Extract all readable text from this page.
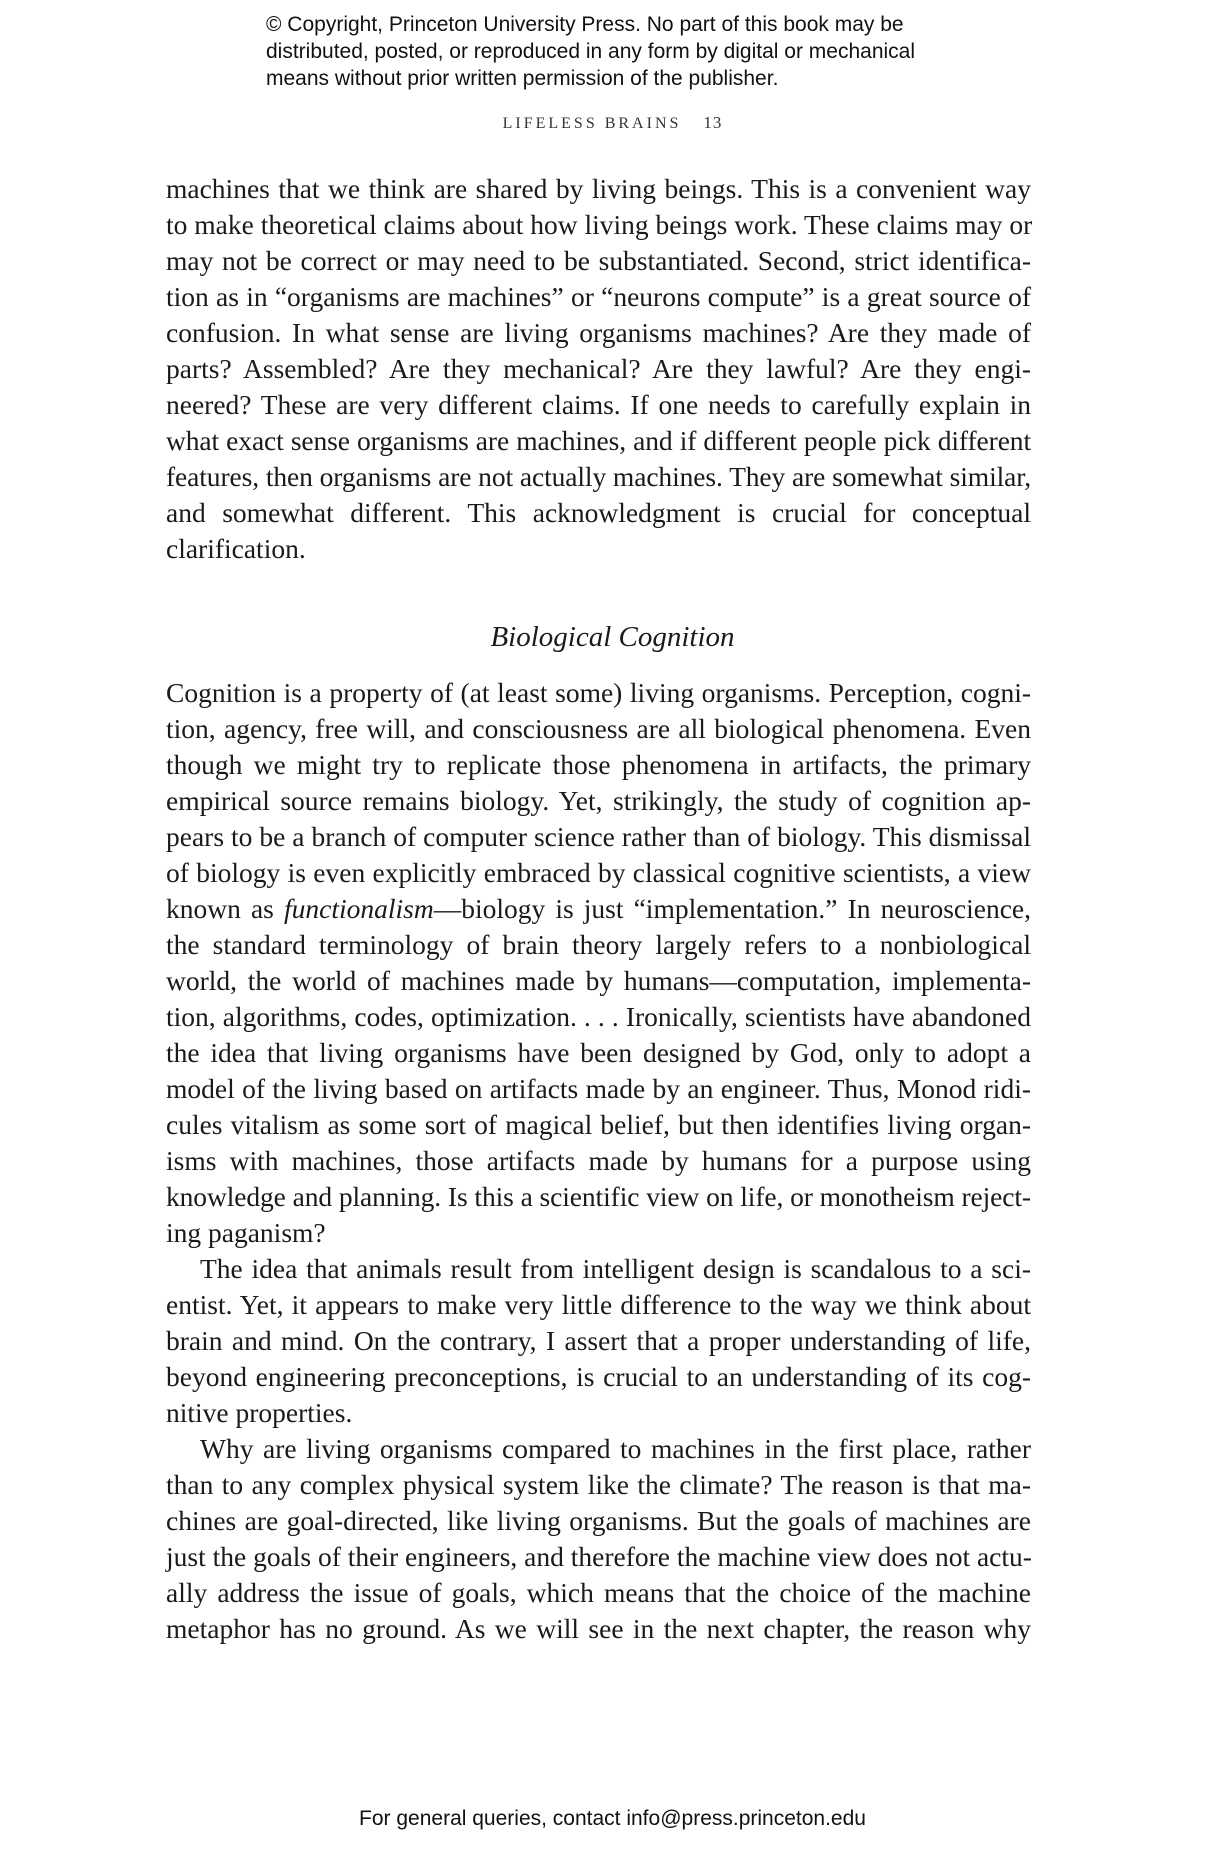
© Copyright, Princeton University Press. No part of this book may be
distributed, posted, or reproduced in any form by digital or mechanical
means without prior written permission of the publisher.
LIFELESS BRAINS 13
machines that we think are shared by living beings. This is a convenient way
to make theoretical claims about how living beings work. These claims may or
may not be correct or may need to be substantiated. Second, strict identifica-
tion as in “organisms are machines” or “neurons compute” is a great source of
confusion. In what sense are living organisms machines? Are they made of
parts? Assembled? Are they mechanical? Are they lawful? Are they engi-
neered? These are very different claims. If one needs to carefully explain in
what exact sense organisms are machines, and if different people pick different
features, then organisms are not actually machines. They are somewhat similar,
and somewhat different. This acknowledgment is crucial for conceptual
clarification.
Biological Cognition
Cognition is a property of (at least some) living organisms. Perception, cogni-
tion, agency, free will, and consciousness are all biological phenomena. Even
though we might try to replicate those phenomena in artifacts, the primary
empirical source remains biology. Yet, strikingly, the study of cognition ap-
pears to be a branch of computer science rather than of biology. This dismissal
of biology is even explicitly embraced by classical cognitive scientists, a view
known as functionalism—biology is just “implementation.” In neuroscience,
the standard terminology of brain theory largely refers to a nonbiological
world, the world of machines made by humans—computation, implementa-
tion, algorithms, codes, optimization. . . . Ironically, scientists have abandoned
the idea that living organisms have been designed by God, only to adopt a
model of the living based on artifacts made by an engineer. Thus, Monod ridi-
cules vitalism as some sort of magical belief, but then identifies living organ-
isms with machines, those artifacts made by humans for a purpose using
knowledge and planning. Is this a scientific view on life, or monotheism reject-
ing paganism?
The idea that animals result from intelligent design is scandalous to a sci-
entist. Yet, it appears to make very little difference to the way we think about
brain and mind. On the contrary, I assert that a proper understanding of life,
beyond engineering preconceptions, is crucial to an understanding of its cog-
nitive properties.
Why are living organisms compared to machines in the first place, rather
than to any complex physical system like the climate? The reason is that ma-
chines are goal-directed, like living organisms. But the goals of machines are
just the goals of their engineers, and therefore the machine view does not actu-
ally address the issue of goals, which means that the choice of the machine
metaphor has no ground. As we will see in the next chapter, the reason why
For general queries, contact info@press.princeton.edu
